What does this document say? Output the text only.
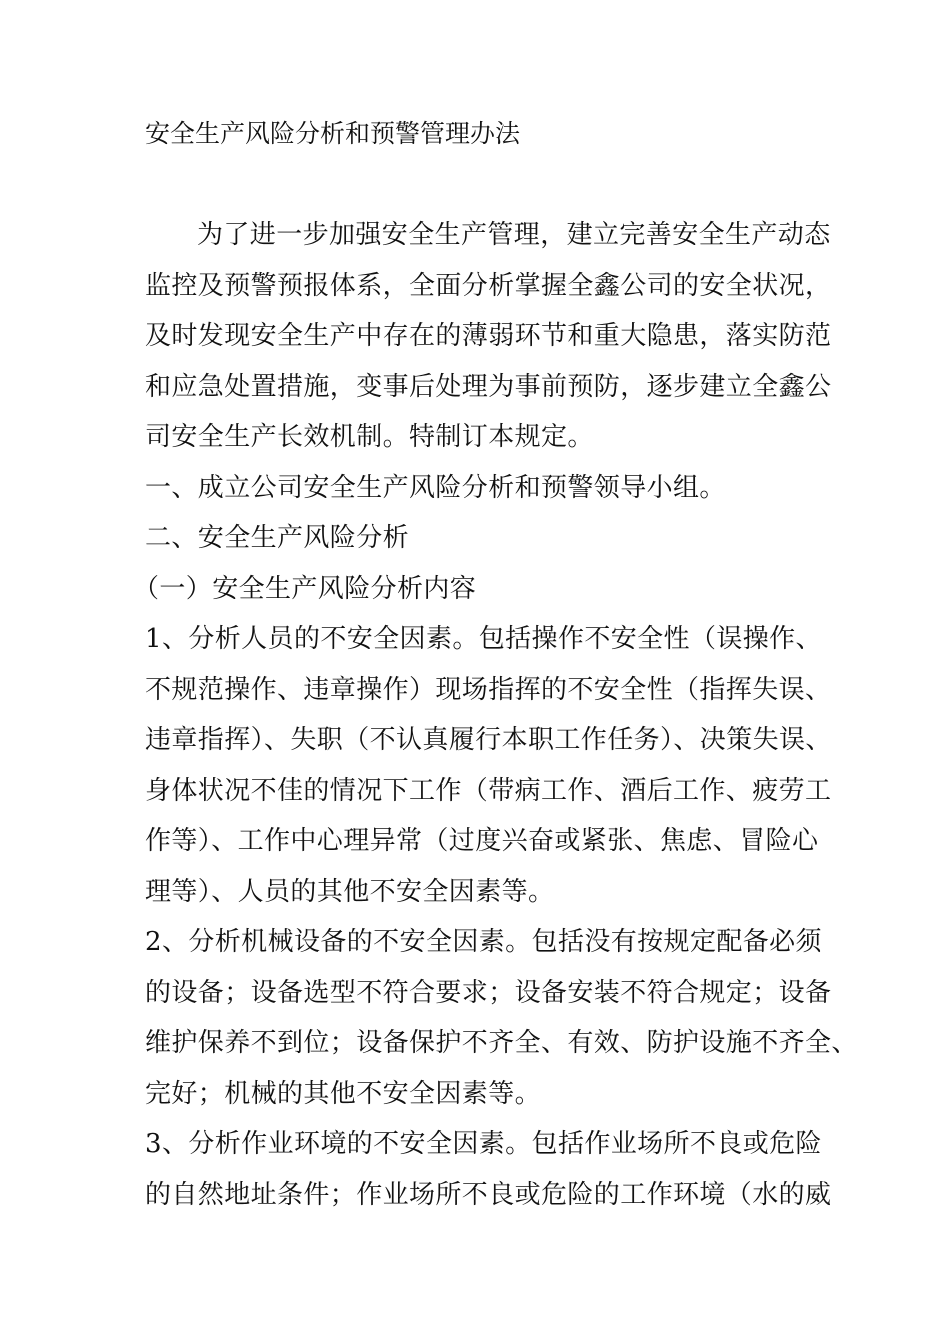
安全生产风险分析和预警管理办法
为了进一步加强安全生产管理，建立完善安全生产动态
监控及预警预报体系，全面分析掌握全鑫公司的安全状况，
及时发现安全生产中存在的薄弱环节和重大隐患，落实防范
和应急处置措施，变事后处理为事前预防，逐步建立全鑫公
司安全生产长效机制。特制订本规定。
一、成立公司安全生产风险分析和预警领导小组。
二、安全生产风险分析
（一）安全生产风险分析内容
1、分析人员的不安全因素。包括操作不安全性（误操作、
不规范操作、违章操作）现场指挥的不安全性（指挥失误、
违章指挥）、失职（不认真履行本职工作任务）、决策失误、
身体状况不佳的情况下工作（带病工作、酒后工作、疲劳工
作等）、工作中心理异常（过度兴奋或紧张、焦虑、冒险心
理等）、人员的其他不安全因素等。
2、分析机械设备的不安全因素。包括没有按规定配备必须
的设备；设备选型不符合要求；设备安装不符合规定；设备
维护保养不到位；设备保护不齐全、有效、防护设施不齐全、
完好；机械的其他不安全因素等。
3、分析作业环境的不安全因素。包括作业场所不良或危险
的自然地址条件；作业场所不良或危险的工作环境（水的威
